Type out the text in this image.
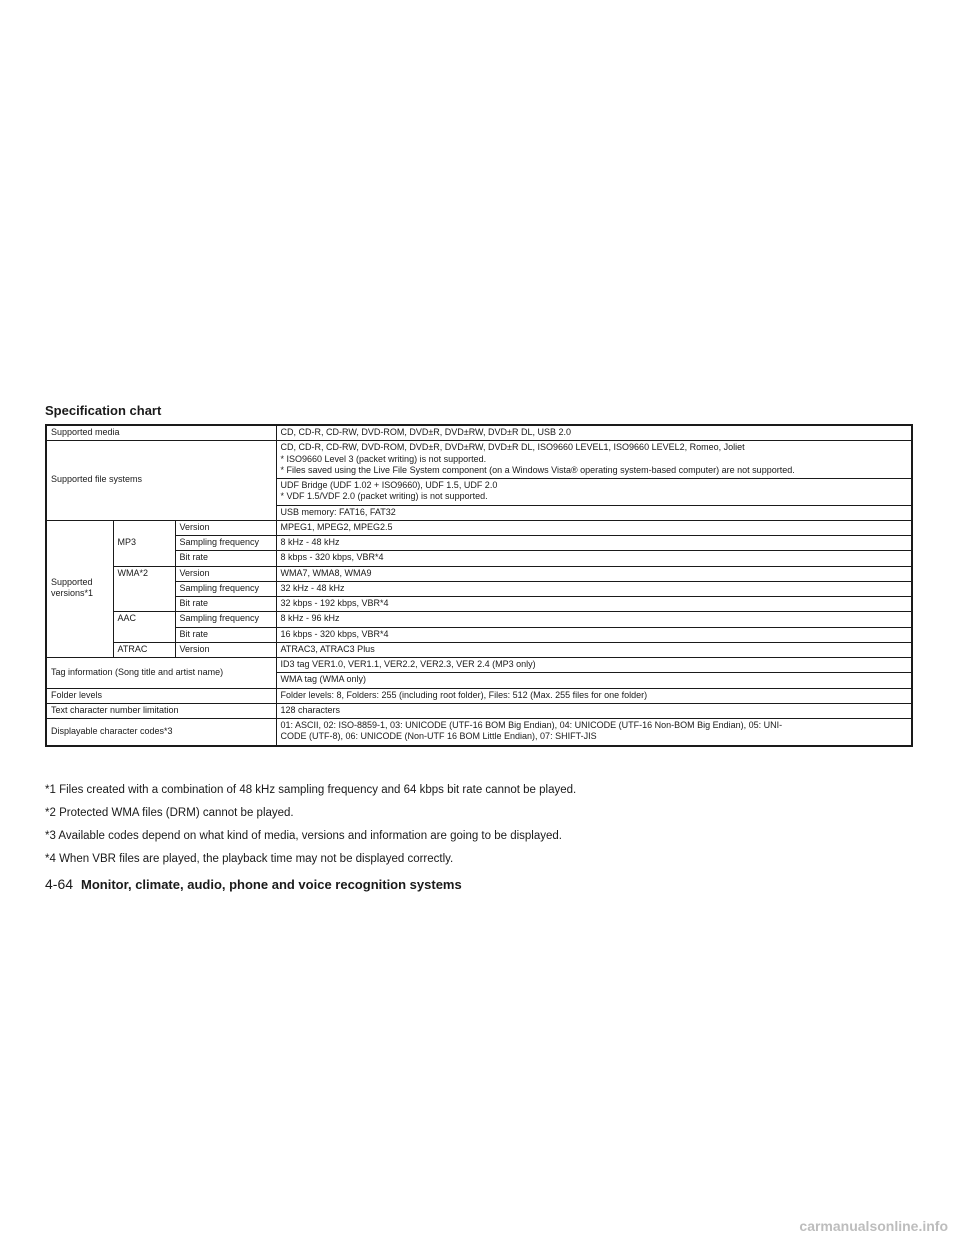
Specification chart
Supported media			CD, CD-R, CD-RW, DVD-ROM, DVD±R, DVD±RW, DVD±R DL, USB 2.0
Supported file systems			CD, CD-R, CD-RW, DVD-ROM, DVD±R, DVD±RW, DVD±R DL, ISO9660 LEVEL1, ISO9660 LEVEL2, Romeo, Joliet
* ISO9660 Level 3 (packet writing) is not supported.
* Files saved using the Live File System component (on a Windows Vista® operating system-based computer) are not supported.

			UDF Bridge (UDF 1.02 + ISO9660), UDF 1.5, UDF 2.0
* VDF 1.5/VDF 2.0 (packet writing) is not supported.

			USB memory: FAT16, FAT32

Supported
versions*1	MP3	Version	MPEG1, MPEG2, MPEG2.5
		Sampling frequency	8 kHz - 48 kHz
		Bit rate	8 kbps - 320 kbps, VBR*4
	WMA*2	Version	WMA7, WMA8, WMA9
		Sampling frequency	32 kHz - 48 kHz
		Bit rate	32 kbps - 192 kbps, VBR*4
	AAC	Sampling frequency	8 kHz - 96 kHz
		Bit rate	16 kbps - 320 kbps, VBR*4
	ATRAC	Version	ATRAC3, ATRAC3 Plus
Tag information (Song title and artist name)			ID3 tag VER1.0, VER1.1, VER2.2, VER2.3, VER 2.4 (MP3 only)
			WMA tag (WMA only)
Folder levels			Folder levels: 8, Folders: 255 (including root folder), Files: 512 (Max. 255 files for one folder)
Text character number limitation			128 characters
Displayable character codes*3			01: ASCII, 02: ISO-8859-1, 03: UNICODE (UTF-16 BOM Big Endian), 04: UNICODE (UTF-16 Non-BOM Big Endian), 05: UNI-
CODE (UTF-8), 06: UNICODE (Non-UTF 16 BOM Little Endian), 07: SHIFT-JIS

*1 Files created with a combination of 48 kHz sampling frequency and 64 kbps bit rate cannot be played.

*2 Protected WMA files (DRM) cannot be played.

*3 Available codes depend on what kind of media, versions and information are going to be displayed.

*4 When VBR files are played, the playback time may not be displayed correctly.

4-64 Monitor, climate, audio, phone and voice recognition systems
carmanualsonline.info
